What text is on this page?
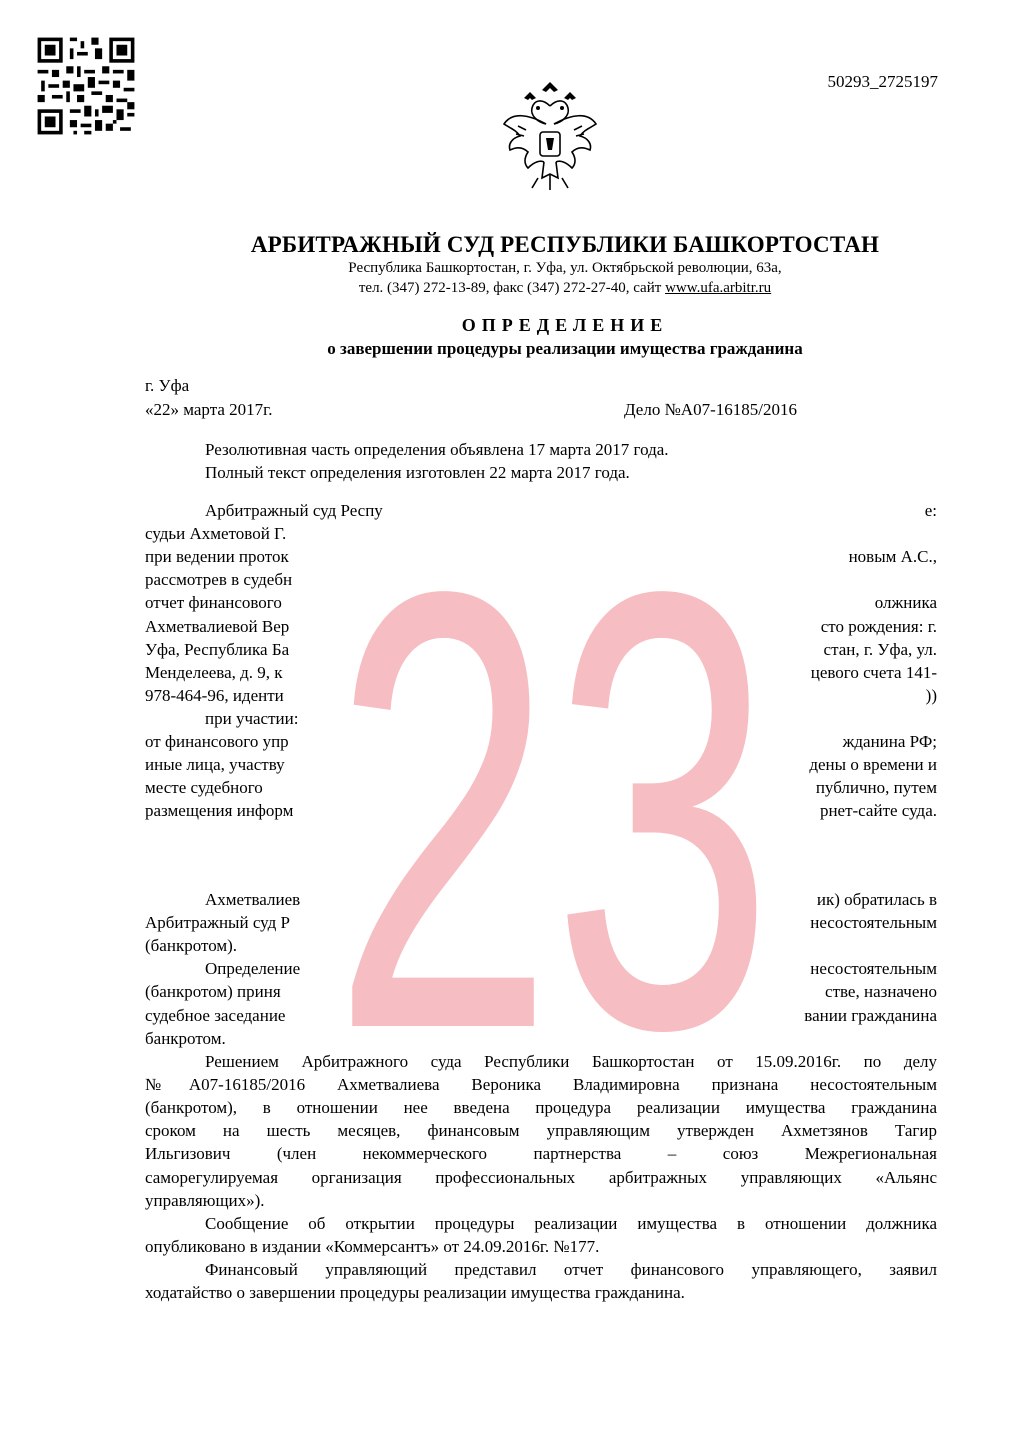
50293_2725197
АРБИТРАЖНЫЙ СУД РЕСПУБЛИКИ БАШКОРТОСТАН
Республика Башкортостан, г. Уфа, ул. Октябрьской революции, 63а,
тел. (347) 272-13-89, факс (347) 272-27-40, сайт www.ufa.arbitr.ru
ОПРЕДЕЛЕНИЕ
о завершении процедуры реализации имущества гражданина
г. Уфа
«22» марта 2017г.	Дело №А07-16185/2016
Резолютивная часть определения объявлена 17 марта 2017 года.
Полный текст определения изготовлен 22 марта 2017 года.
Арбитражный суд Респу	е:
судьи Ахметовой Г.
при ведении проток	новым А.С.,
рассмотрев в судебн
отчет финансового	олжника
Ахметвалиевой Вер	сто рождения: г.
Уфа, Республика Ба	стан, г. Уфа, ул.
Менделеева, д. 9, к	цевого счета 141-
978-464-96, иденти	))
при участии:
от финансового упр	жданина РФ;
иные лица, участву	дены о времени и
месте судебного	публично, путем
размещения информ	рнет-сайте суда.
Ахметвалиев	ик) обратилась в
Арбитражный суд Р	несостоятельным
(банкротом).
Определение	несостоятельным
(банкротом) приня	стве, назначено
судебное заседание	вании гражданина
банкротом.
Решением Арбитражного суда Республики Башкортостан от 15.09.2016г. по делу
№А07-16185/2016 Ахметвалиева Вероника Владимировна признана несостоятельным
(банкротом), в отношении нее введена процедура реализации имущества гражданина
сроком на шесть месяцев, финансовым управляющим утвержден Ахметзянов Тагир
Ильгизович (член некоммерческого партнерства – союз Межрегиональная
саморегулируемая организация профессиональных арбитражных управляющих «Альянс
управляющих»).
Сообщение об открытии процедуры реализации имущества в отношении должника
опубликовано в издании «Коммерсантъ» от 24.09.2016г. №177.
Финансовый управляющий представил отчет финансового управляющего, заявил
ходатайство о завершении процедуры реализации имущества гражданина.
23
